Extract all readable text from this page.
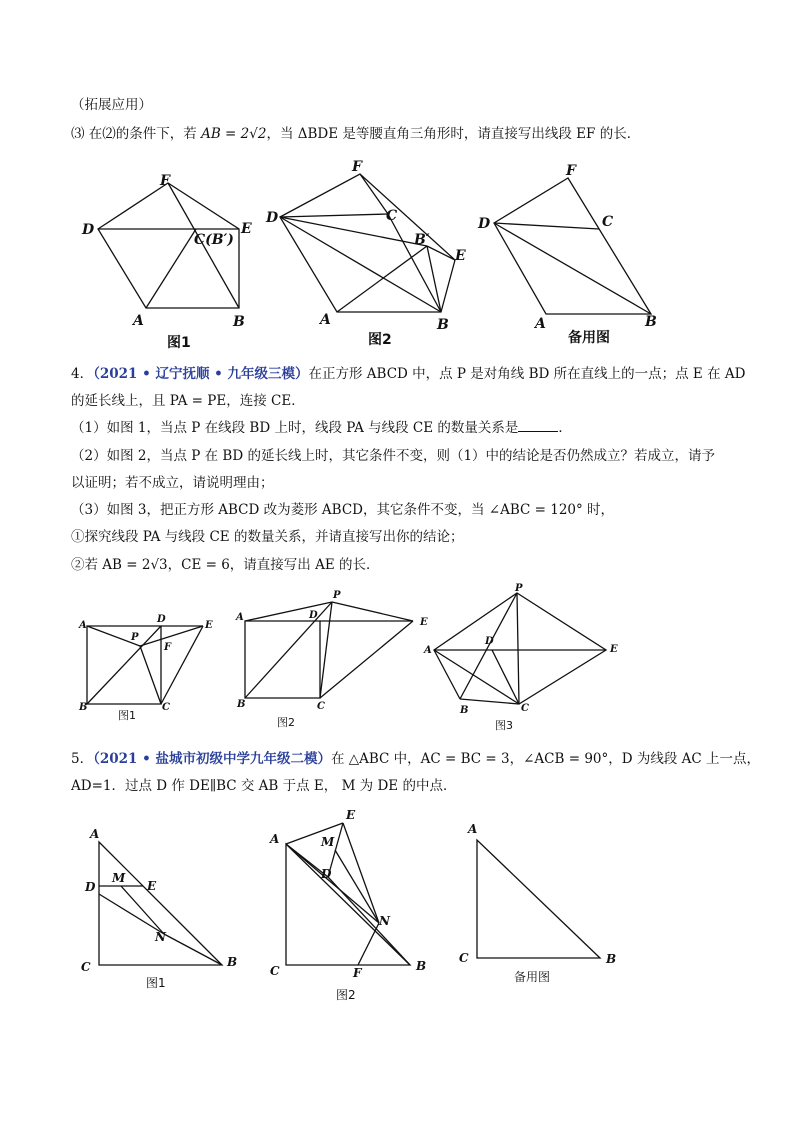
（拓展应用）
⑶ 在⑵的条件下，若 AB = 2√2，当 ΔBDE 是等腰直角三角形时，请直接写出线段 EF 的长．
F
D
C(B′)
E
A	B
图1
F
D	C
B′
E
A	B
图2
F
D	C
A	B
备用图
4．（2021 • 辽宁抚顺 • 九年级三模）在正方形 ABCD 中，点 P 是对角线 BD 所在直线上的一点；点 E 在 AD
的延长线上，且 PA = PE，连接 CE．
（1）如图 1，当点 P 在线段 BD 上时，线段 PA 与线段 CE 的数量关系是	．
（2）如图 2，当点 P 在 BD 的延长线上时，其它条件不变，则（1）中的结论是否仍然成立？若成立，请予
以证明；若不成立，请说明理由；
（3）如图 3，把正方形 ABCD 改为菱形 ABCD，其它条件不变，当 ∠ABC = 120° 时，
①探究线段 PA 与线段 CE 的数量关系，并请直接写出你的结论；
②若 AB = 2√3，CE = 6，请直接写出 AE 的长．
A
D
E
P
F
B	C
图1
A	D
P
E
B	C
图2
A
P
D
E
B	C
图3
5．（2021 • 盐城市初级中学九年级二模）在 △ABC 中，AC = BC = 3，∠ACB = 90°，D 为线段 AC 上一点，
AD=1．过点 D 作 DE∥BC 交 AB 于点 E， M 为 DE 的中点．
A
D
M
E
N
C	B
图1
A
E
M
D
N
F
C	B
图2
A
C	B
备用图
